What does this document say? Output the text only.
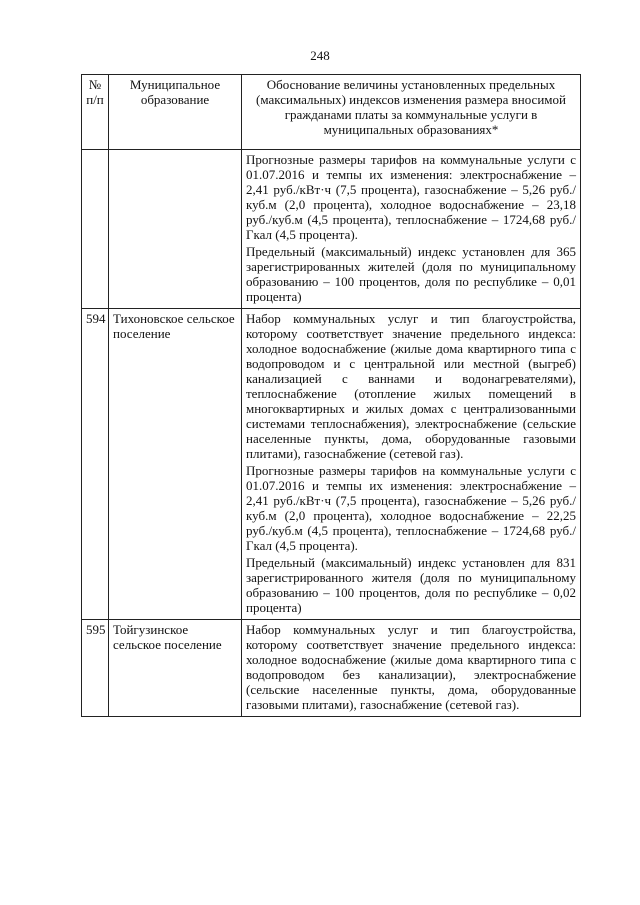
248
№ п/п	Муниципальное образование	Обоснование величины установленных предельных (максимальных) индексов изменения размера вносимой гражданами платы за коммунальные услуги в муниципальных образованиях*

		Прогнозные размеры тарифов на коммунальные услуги с 01.07.2016 и темпы их изменения: электроснабжение – 2,41 руб./кВт·ч (7,5 процента), газоснабжение – 5,26 руб./куб.м (2,0 процента), холодное водоснабжение – 23,18 руб./куб.м (4,5 процента), теплоснабжение – 1724,68 руб./Гкал (4,5 процента).

Предельный (максимальный) индекс установлен для 365 зарегистрированных жителей (доля по муниципальному образованию – 100 процентов, доля по республике – 0,01 процента)

594	Тихоновское сельское поселение	Набор коммунальных услуг и тип благоустройства, которому соответствует значение предельного индекса: холодное водоснабжение (жилые дома квартирного типа с водопроводом и с центральной или местной (выгреб) канализацией с ваннами и водонагревателями), теплоснабжение (отопление жилых помещений в многоквартирных и жилых домах с централизованными системами теплоснабжения), электроснабжение (сельские населенные пункты, дома, оборудованные газовыми плитами), газоснабжение (сетевой газ).

Прогнозные размеры тарифов на коммунальные услуги с 01.07.2016 и темпы их изменения: электроснабжение – 2,41 руб./кВт·ч (7,5 процента), газоснабжение – 5,26 руб./куб.м (2,0 процента), холодное водоснабжение – 22,25 руб./куб.м (4,5 процента), теплоснабжение – 1724,68 руб./Гкал (4,5 процента).

Предельный (максимальный) индекс установлен для 831 зарегистрированного жителя (доля по муниципальному образованию – 100 процентов, доля по республике – 0,02 процента)

595	Тойгузинское сельское поселение	Набор коммунальных услуг и тип благоустройства, которому соответствует значение предельного индекса: холодное водоснабжение (жилые дома квартирного типа с водопроводом без канализации), электроснабжение (сельские населенные пункты, дома, оборудованные газовыми плитами), газоснабжение (сетевой газ).
